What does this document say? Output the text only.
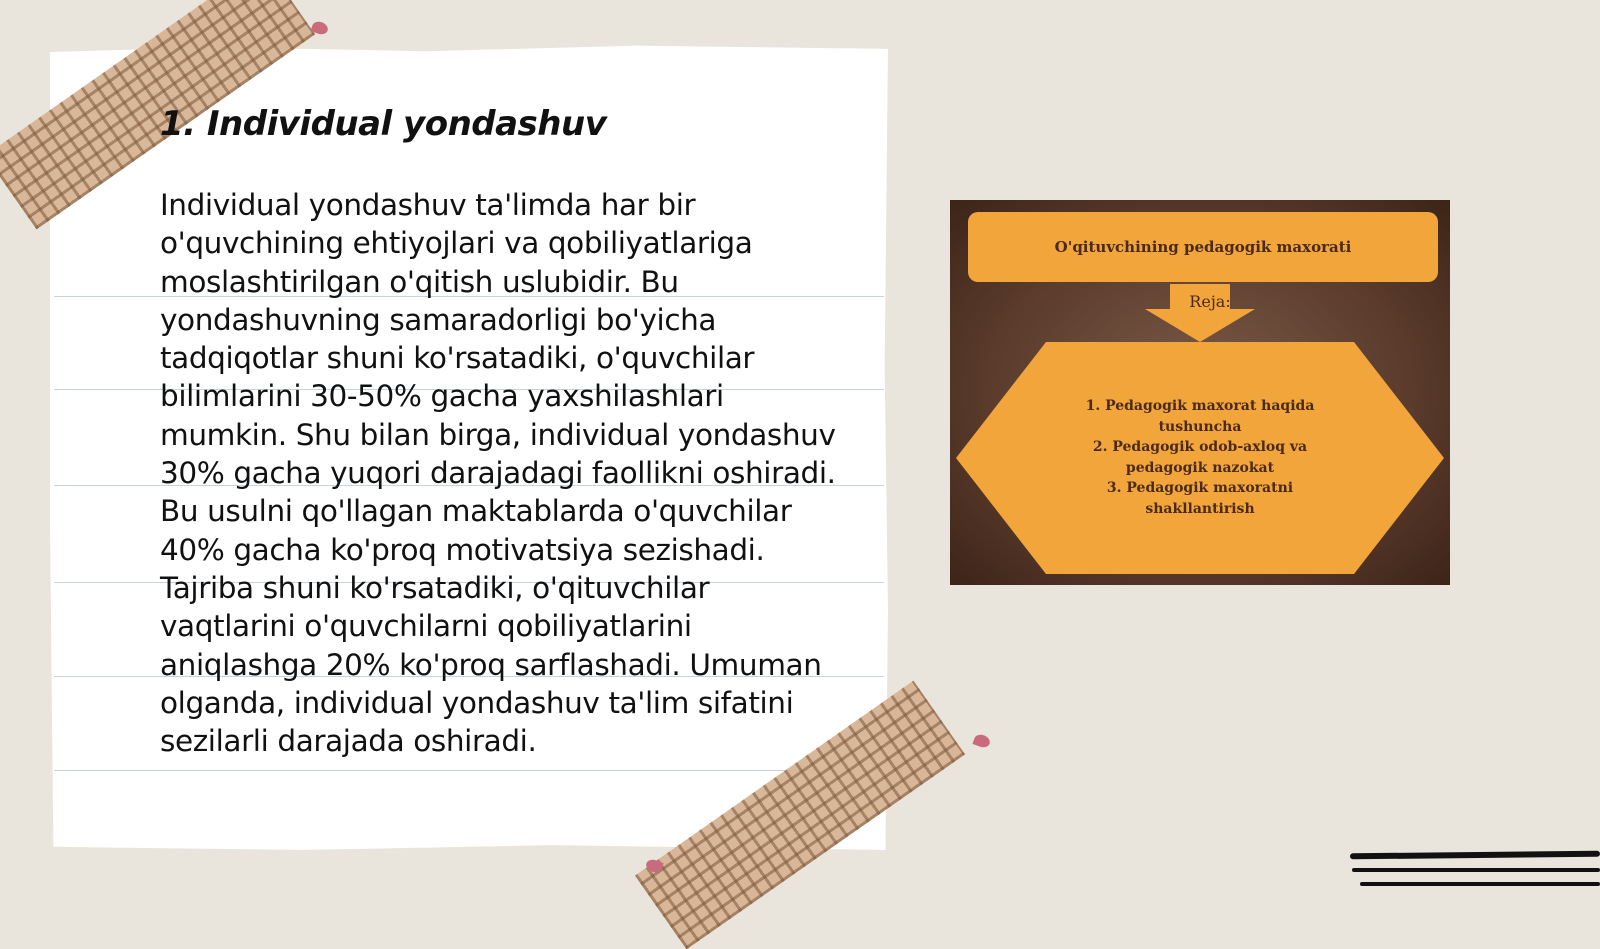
1. Individual yondashuv

Individual yondashuv ta'limda har bir o'quvchining ehtiyojlari va qobiliyatlariga moslashtirilgan o'qitish uslubidir. Bu yondashuvning samaradorligi bo'yicha tadqiqotlar shuni ko'rsatadiki, o'quvchilar bilimlarini 30-50% gacha yaxshilashlari mumkin. Shu bilan birga, individual yondashuv 30% gacha yuqori darajadagi faollikni oshiradi. Bu usulni qo'llagan maktablarda o'quvchilar 40% gacha ko'proq motivatsiya sezishadi. Tajriba shuni ko'rsatadiki, o'qituvchilar vaqtlarini o'quvchilarni qobiliyatlarini aniqlashga 20% ko'proq sarflashadi. Umuman olganda, individual yondashuv ta'lim sifatini sezilarli darajada oshiradi.

O'qituvchining pedagogik maxorati
Reja:
1. Pedagogik maxorat haqida
tushuncha
2. Pedagogik odob-axloq va
pedagogik nazokat
3. Pedagogik maxoratni
shakllantirish
